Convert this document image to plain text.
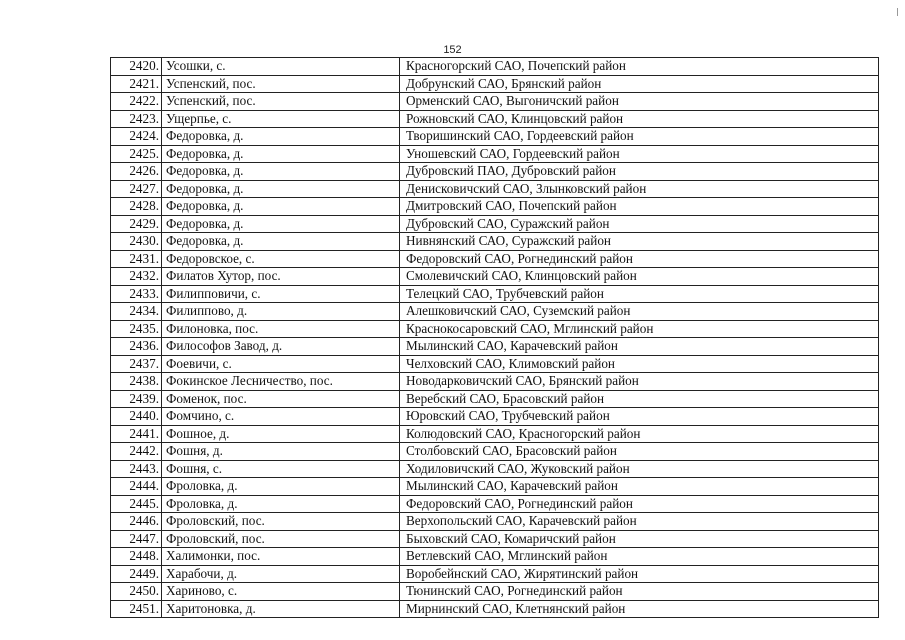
152
2420.	Усошки, с.	Красногорский САО, Почепский район
2421.	Успенский, пос.	Добрунский САО, Брянский район
2422.	Успенский, пос.	Орменский САО, Выгоничский район
2423.	Ущерпье, с.	Рожновский САО, Клинцовский район
2424.	Федоровка, д.	Творишинский САО, Гордеевский район
2425.	Федоровка, д.	Уношевский САО, Гордеевский район
2426.	Федоровка, д.	Дубровский ПАО, Дубровский район
2427.	Федоровка, д.	Денисковичский САО, Злынковский район
2428.	Федоровка, д.	Дмитровский САО, Почепский район
2429.	Федоровка, д.	Дубровский САО, Суражский район
2430.	Федоровка, д.	Нивнянский САО, Суражский район
2431.	Федоровское, с.	Федоровский САО, Рогнединский район
2432.	Филатов Хутор, пос.	Смолевичский САО, Клинцовский район
2433.	Филипповичи, с.	Телецкий САО, Трубчевский район
2434.	Филиппово, д.	Алешковичский САО, Суземский район
2435.	Филоновка, пос.	Краснокосаровский САО, Мглинский район
2436.	Философов Завод, д.	Мылинский САО, Карачевский район
2437.	Фоевичи, с.	Челховский САО, Климовский район
2438.	Фокинское Лесничество, пос.	Новодарковичский САО, Брянский район
2439.	Фоменок, пос.	Веребский САО, Брасовский район
2440.	Фомчино, с.	Юровский САО, Трубчевский район
2441.	Фошное, д.	Колюдовский САО, Красногорский район
2442.	Фошня, д.	Столбовский САО, Брасовский район
2443.	Фошня, с.	Ходиловичский САО, Жуковский район
2444.	Фроловка, д.	Мылинский САО, Карачевский район
2445.	Фроловка, д.	Федоровский САО, Рогнединский район
2446.	Фроловский, пос.	Верхопольский САО, Карачевский район
2447.	Фроловский, пос.	Быховский САО, Комаричский район
2448.	Халимонки, пос.	Ветлевский САО, Мглинский район
2449.	Харабочи, д.	Воробейнский САО, Жирятинский район
2450.	Хариново, с.	Тюнинский САО, Рогнединский район
2451.	Харитоновка, д.	Мирнинский САО, Клетнянский район
